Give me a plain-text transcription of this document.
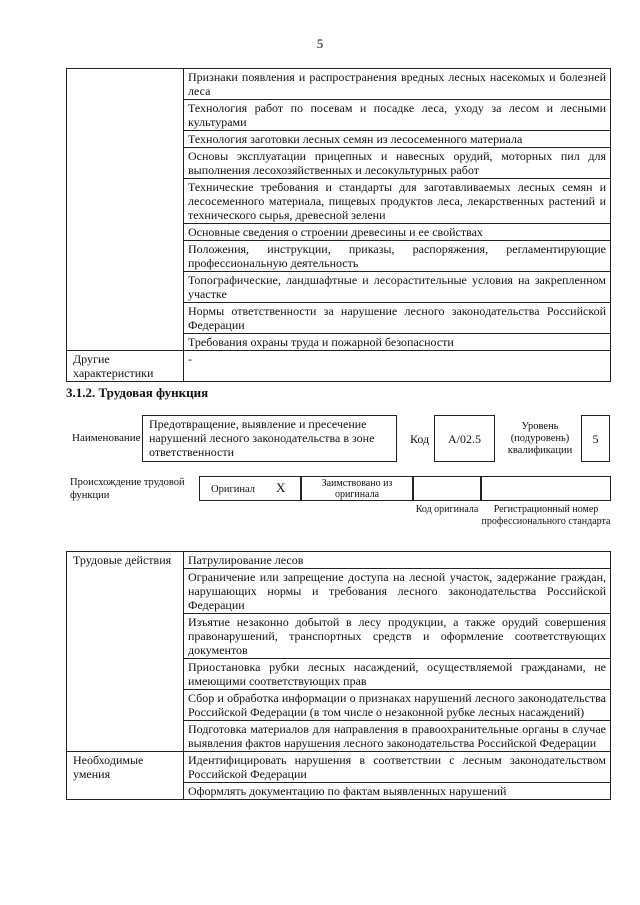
5
	Признаки появления и распространения вредных лесных насекомых и болезней леса
	Технология работ по посевам и посадке леса, уходу за лесом и лесными культурами
	Технология заготовки лесных семян из лесосеменного материала
	Основы эксплуатации прицепных и навесных орудий, моторных пил для выполнения лесохозяйственных и лесокультурных работ
	Технические требования и стандарты для заготавливаемых лесных семян и лесосеменного материала, пищевых продуктов леса, лекарственных растений и технического сырья, древесной зелени
	Основные сведения о строении древесины и ее свойствах
	Положения, инструкции, приказы, распоряжения, регламентирующие профессиональную деятельность
	Топографические, ландшафтные и лесорастительные условия на закрепленном участке
	Нормы ответственности за нарушение лесного законодательства Российской Федерации
	Требования охраны труда и пожарной безопасности
Другие характеристики	-
3.1.2. Трудовая функция
Наименование
Предотвращение, выявление и пресечение нарушений лесного законодательства в зоне ответственности
Код A/02.5
Уровень (подуровень) квалификации
5
Происхождение трудовой функции
Оригинал X	Заимствовано из оригинала
Код оригинала	Регистрационный номер профессионального стандарта
Трудовые действия	Патрулирование лесов
	Ограничение или запрещение доступа на лесной участок, задержание граждан, нарушающих нормы и требования лесного законодательства Российской Федерации
	Изъятие незаконно добытой в лесу продукции, а также орудий совершения правонарушений, транспортных средств и оформление соответствующих документов
	Приостановка рубки лесных насаждений, осуществляемой гражданами, не имеющими соответствующих прав
	Сбор и обработка информации о признаках нарушений лесного законодательства Российской Федерации (в том числе о незаконной рубке лесных насаждений)
	Подготовка материалов для направления в правоохранительные органы в случае выявления фактов нарушения лесного законодательства Российской Федерации
Необходимые умения	Идентифицировать нарушения в соответствии с лесным законодательством Российской Федерации
	Оформлять документацию по фактам выявленных нарушений
